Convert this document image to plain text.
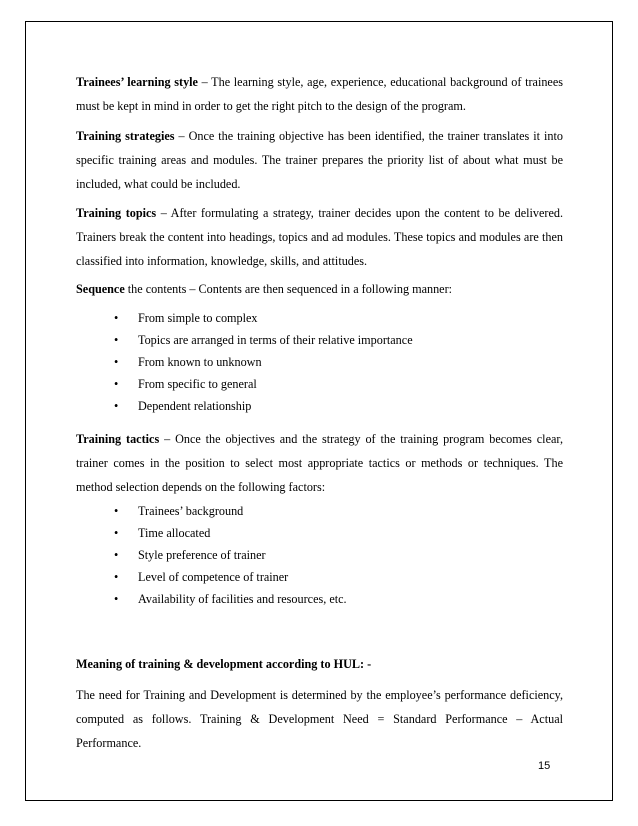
Trainees’ learning style – The learning style, age, experience, educational background of trainees must be kept in mind in order to get the right pitch to the design of the program.

Training strategies – Once the training objective has been identified, the trainer translates it into specific training areas and modules. The trainer prepares the priority list of about what must be included, what could be included.

Training topics – After formulating a strategy, trainer decides upon the content to be delivered. Trainers break the content into headings, topics and ad modules. These topics and modules are then classified into information, knowledge, skills, and attitudes.

Sequence the contents – Contents are then sequenced in a following manner:

• From simple to complex
• Topics are arranged in terms of their relative importance
• From known to unknown
• From specific to general
• Dependent relationship

Training tactics – Once the objectives and the strategy of the training program becomes clear, trainer comes in the position to select most appropriate tactics or methods or techniques. The method selection depends on the following factors:

• Trainees’ background
• Time allocated
• Style preference of trainer
• Level of competence of trainer
• Availability of facilities and resources, etc.

Meaning of training & development according to HUL: -

The need for Training and Development is determined by the employee’s performance deficiency, computed as follows. Training & Development Need = Standard Performance – Actual Performance.

15
